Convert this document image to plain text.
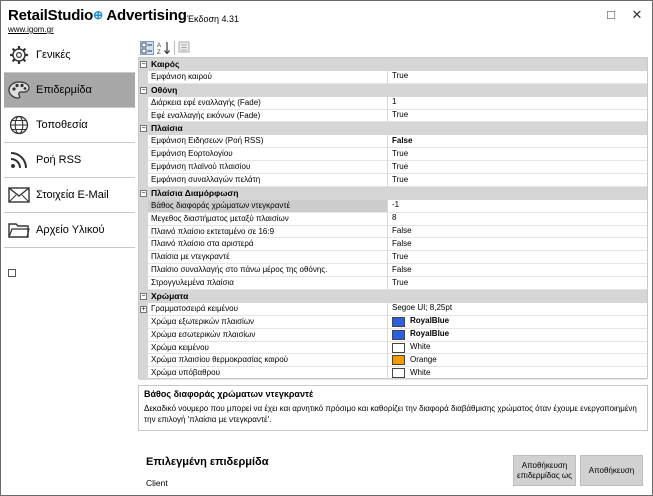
RetailStudio⊕ Advertising
www.igom.gr
Έκδοση 4.31	□	✕
Γενικές
Επιδερμίδα
Τοποθεσία
Ροή RSS
Στοιχεία E-Mail
Αρχείο Υλικού
A
Z
− Καιρός
Εμφάνιση καιρού	True
− Οθόνη
Διάρκεια εφέ εναλλαγής (Fade)	1
Εφέ εναλλαγής εικόνων (Fade)	True
− Πλαίσια
Εμφάνιση Ειδησεων (Ροή RSS)	False
Εμφάνιση Εορτολογίου	True
Εμφάνιση πλαϊνού πλαισίου	True
Εμφάνιση συναλλαγών πελάτη	True
− Πλαίσια Διαμόρφωση
Βάθος διαφοράς χρώματων ντεγκραντέ	-1
Μεγεθος διαστήματος μεταξύ πλαισίων	8
Πλαινό πλαίσιο εκτεταμένο σε 16:9	False
Πλαινό πλαίσιο στα αριστερά	False
Πλαίσια με ντεγκραντέ	True
Πλαίσιο συναλλαγής στο πάνω μέρος της οθόνης.	False
Στρογγυλεμένα πλαίσια	True
− Χρώματα
+ Γραμματοσειρά κειμένου	Segoe UI; 8,25pt
Χρώμα εξωτερικών πλαισίων	RoyalBlue
Χρώμα εσωτερικών πλαισίων	RoyalBlue
Χρώμα κειμένου	White
Χρώμα πλαισίου θερμοκρασίας καιρού	Orange
Χρώμα υπόβαθρου	White
Βάθος διαφοράς χρώματων ντεγκραντέ
Δεκαδικό νουμερο που μπορεί να έχει και αρνητικό πρόσιμο και καθορίζει την διαφορά διαβάθμισης χρώματος όταν έχουμε ενεργοποιημένη την επιλογή 'πλαίσια με ντεγκραντέ'.
Επιλεγμένη επιδερμίδα
Client
Αποθήκευση επιδερμίδας ως
Αποθήκευση
